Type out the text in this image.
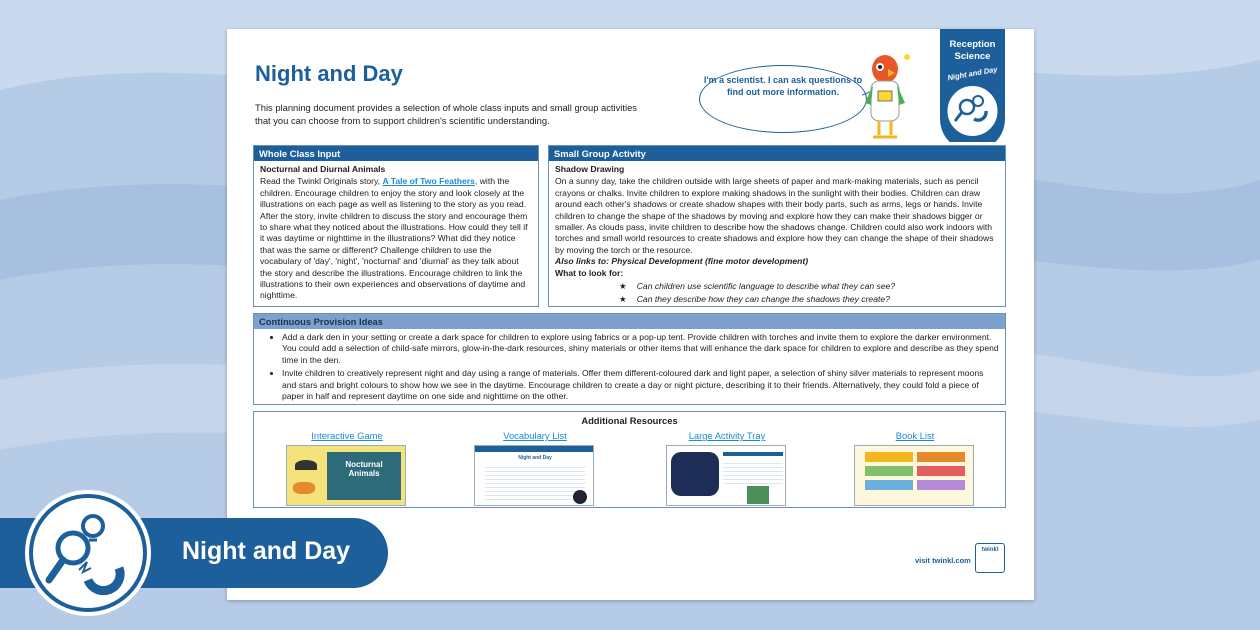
Night and Day
This planning document provides a selection of whole class inputs and small group activities that you can choose from to support children's scientific understanding.
I'm a scientist. I can ask questions to find out more information.
Reception
Science
Night and Day
Whole Class Input
Nocturnal and Diurnal Animals
Read the Twinkl Originals story, A Tale of Two Feathers, with the children. Encourage children to enjoy the story and look closely at the illustrations on each page as well as listening to the story as you read. After the story, invite children to discuss the story and encourage them to share what they noticed about the illustrations. How could they tell if it was daytime or nighttime in the illustrations? What did they notice that was the same or different? Challenge children to use the vocabulary of 'day', 'night', 'nocturnal' and 'diurnal' as they talk about the story and describe the illustrations. Encourage children to link the illustrations to their own experiences and observations of daytime and nighttime.
Small Group Activity
Shadow Drawing
On a sunny day, take the children outside with large sheets of paper and mark-making materials, such as pencil crayons or chalks. Invite children to explore making shadows in the sunlight with their bodies. Children can draw around each other's shadows or create shadow shapes with their body parts, such as arms, legs or hands. Invite children to change the shape of the shadows by moving and explore how they can make their shadows bigger or smaller. As clouds pass, invite children to describe how the shadows change. Children could also work indoors with torches and small world resources to create shadows and explore how they can change the shape of their shadows by moving the torch or the resource.
Also links to: Physical Development (fine motor development)
What to look for:
★ Can children use scientific language to describe what they can see?
★ Can they describe how they can change the shadows they create?
Continuous Provision Ideas
• Add a dark den in your setting or create a dark space for children to explore using fabrics or a pop-up tent. Provide children with torches and invite them to explore the darker environment. You could add a selection of child-safe mirrors, glow-in-the-dark resources, shiny materials or other items that will enhance the dark space for children to explore and describe as they spend time in the den.
• Invite children to creatively represent night and day using a range of materials. Offer them different-coloured dark and light paper, a selection of shiny silver materials to represent moons and stars and bright colours to show how we see in the daytime. Encourage children to create a day or night picture, describing it to their friends. Alternatively, they could fold a piece of paper in half and represent daytime on one side and nighttime on the other.
Additional Resources
Interactive Game
Nocturnal Animals
Vocabulary List
Night and Day
Large Activity Tray	Book List
visit twinkl.com
twinkl
Night and Day
